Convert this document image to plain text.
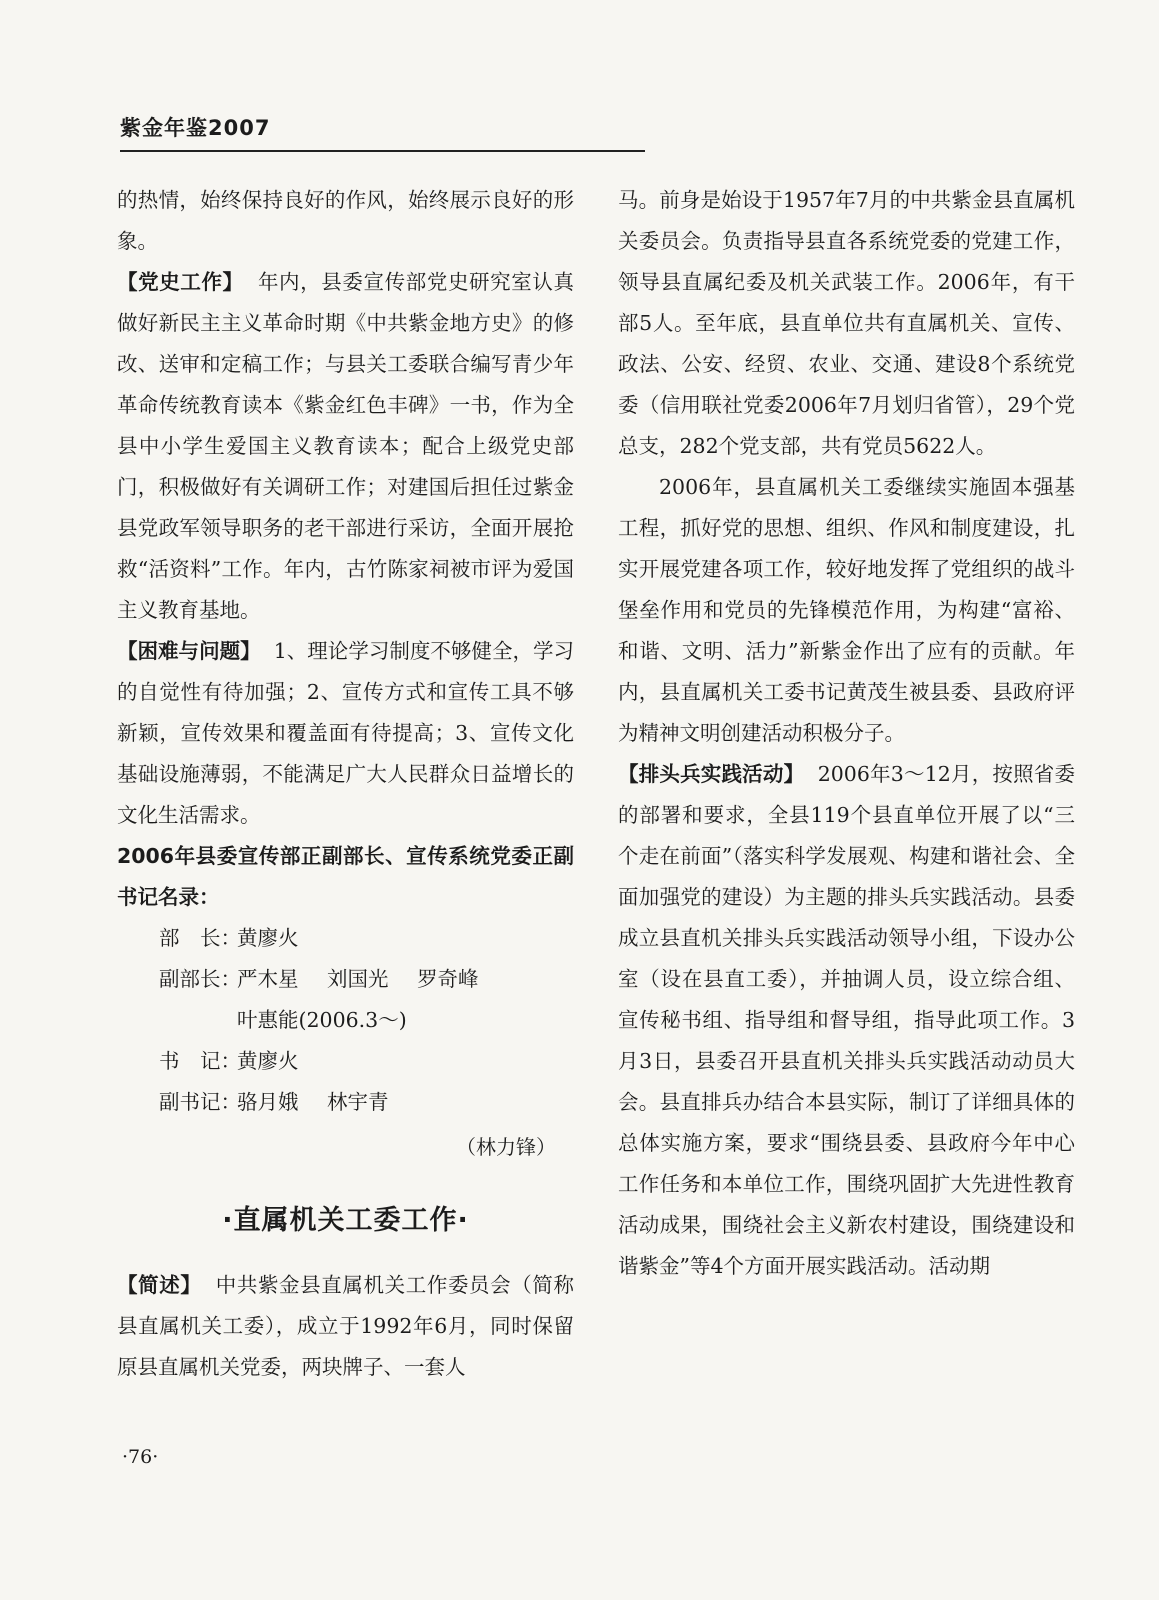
紫金年鉴2007

的热情，始终保持良好的作风，始终展示良好的形象。

【党史工作】 年内，县委宣传部党史研究室认真做好新民主主义革命时期《中共紫金地方史》的修改、送审和定稿工作；与县关工委联合编写青少年革命传统教育读本《紫金红色丰碑》一书，作为全县中小学生爱国主义教育读本；配合上级党史部门，积极做好有关调研工作；对建国后担任过紫金县党政军领导职务的老干部进行采访，全面开展抢救“活资料”工作。年内，古竹陈家祠被市评为爱国主义教育基地。

【困难与问题】 1、理论学习制度不够健全，学习的自觉性有待加强；2、宣传方式和宣传工具不够新颖，宣传效果和覆盖面有待提高；3、宣传文化基础设施薄弱，不能满足广大人民群众日益增长的文化生活需求。

2006年县委宣传部正副部长、宣传系统党委正副书记名录：

部　长：
黄廖火
副部长：
严木星 刘国光 罗奇峰
叶惠能(2006.3～)
书　记：
黄廖火
副书记：
骆月娥 林宇青
（林力锋）
·直属机关工委工作·

【简述】 中共紫金县直属机关工作委员会（简称县直属机关工委），成立于1992年6月，同时保留原县直属机关党委，两块牌子、一套人

马。前身是始设于1957年7月的中共紫金县直属机关委员会。负责指导县直各系统党委的党建工作，领导县直属纪委及机关武装工作。2006年，有干部5人。至年底，县直单位共有直属机关、宣传、政法、公安、经贸、农业、交通、建设8个系统党委（信用联社党委2006年7月划归省管），29个党总支，282个党支部，共有党员5622人。

2006年，县直属机关工委继续实施固本强基工程，抓好党的思想、组织、作风和制度建设，扎实开展党建各项工作，较好地发挥了党组织的战斗堡垒作用和党员的先锋模范作用，为构建“富裕、和谐、文明、活力”新紫金作出了应有的贡献。年内，县直属机关工委书记黄茂生被县委、县政府评为精神文明创建活动积极分子。

【排头兵实践活动】 2006年3～12月，按照省委的部署和要求，全县119个县直单位开展了以“三个走在前面”（落实科学发展观、构建和谐社会、全面加强党的建设）为主题的排头兵实践活动。县委成立县直机关排头兵实践活动领导小组，下设办公室（设在县直工委），并抽调人员，设立综合组、宣传秘书组、指导组和督导组，指导此项工作。3月3日，县委召开县直机关排头兵实践活动动员大会。县直排兵办结合本县实际，制订了详细具体的总体实施方案，要求“围绕县委、县政府今年中心工作任务和本单位工作，围绕巩固扩大先进性教育活动成果，围绕社会主义新农村建设，围绕建设和谐紫金”等4个方面开展实践活动。活动期

·76·
